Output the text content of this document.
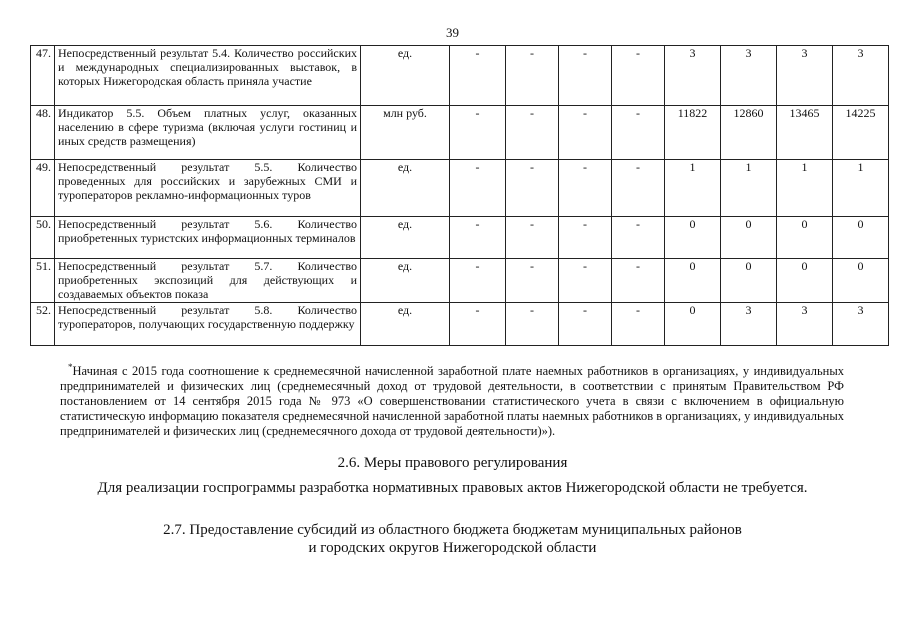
39
47.	Непосредственный результат 5.4. Количество российских и международных специализированных выставок, в которых Нижегородская область приняла участие	ед.	-	-	-	-	3	3	3	3
48.	Индикатор 5.5. Объем платных услуг, оказанных населению в сфере туризма (включая услуги гостиниц и иных средств размещения)	млн руб.	-	-	-	-	11822	12860	13465	14225
49.	Непосредственный результат 5.5. Количество проведенных для российских и зарубежных СМИ и туроператоров рекламно-информационных туров	ед.	-	-	-	-	1	1	1	1
50.	Непосредственный результат 5.6. Количество приобретенных туристских информационных терминалов	ед.	-	-	-	-	0	0	0	0
51.	Непосредственный результат 5.7. Количество приобретенных экспозиций для действующих и создаваемых объектов показа	ед.	-	-	-	-	0	0	0	0
52.	Непосредственный результат 5.8. Количество туроператоров, получающих государственную поддержку	ед.	-	-	-	-	0	3	3	3
*Начиная с 2015 года соотношение к среднемесячной начисленной заработной плате наемных работников в организациях, у индивидуальных предпринимателей и физических лиц (среднемесячный доход от трудовой деятельности, в соответствии с принятым Правительством РФ постановлением от 14 сентября 2015 года № 973 «О совершенствовании статистического учета в связи с включением в официальную статистическую информацию показателя среднемесячной начисленной заработной платы наемных работников в организациях, у индивидуальных предпринимателей и физических лиц (среднемесячного дохода от трудовой деятельности)»).
2.6. Меры правового регулирования
Для реализации госпрограммы разработка нормативных правовых актов Нижегородской области не требуется.
2.7. Предоставление субсидий из областного бюджета бюджетам муниципальных районов
и городских округов Нижегородской области
